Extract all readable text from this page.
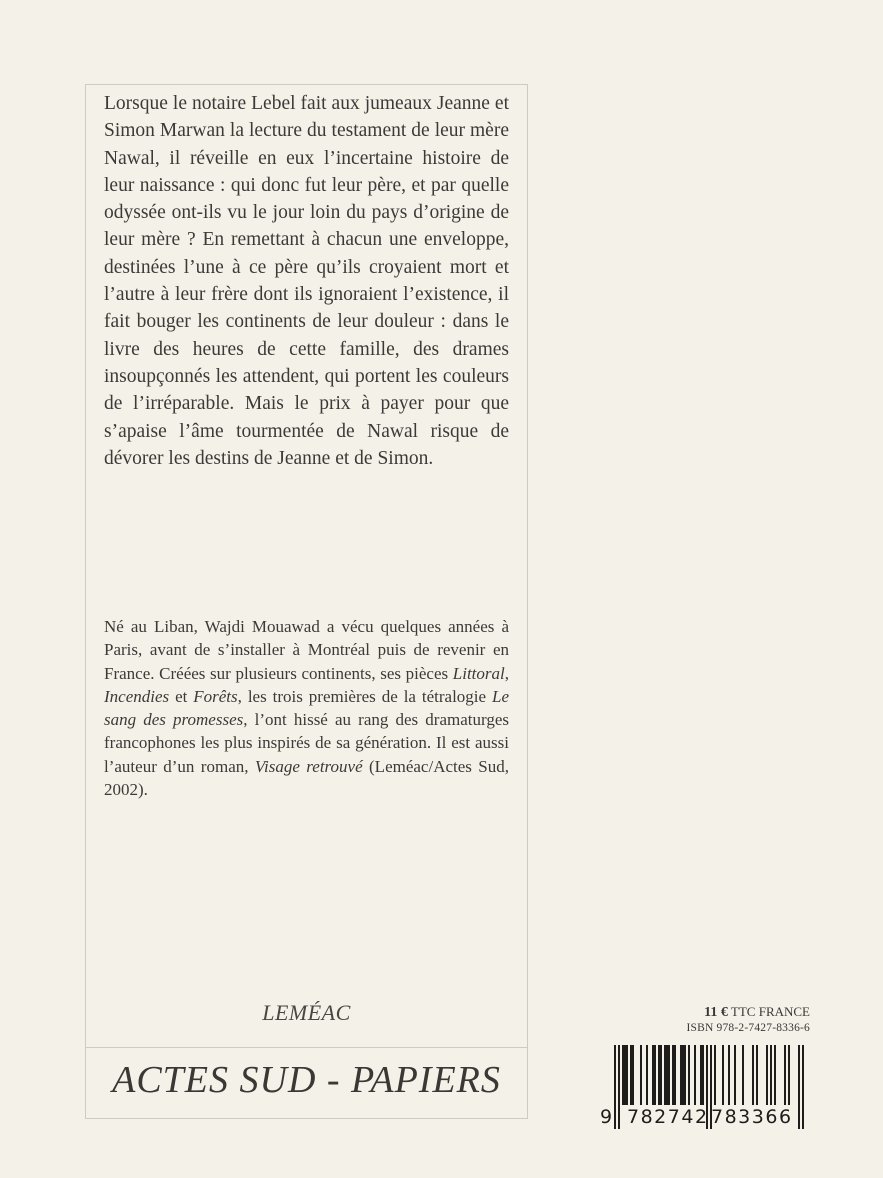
Lorsque le notaire Lebel fait aux jumeaux Jeanne et Simon Marwan la lecture du testament de leur mère Nawal, il réveille en eux l’incertaine histoire de leur naissance : qui donc fut leur père, et par quelle odyssée ont-ils vu le jour loin du pays d’origine de leur mère ? En remettant à chacun une enveloppe, destinées l’une à ce père qu’ils croyaient mort et l’autre à leur frère dont ils ignoraient l’existence, il fait bouger les continents de leur douleur : dans le livre des heures de cette famille, des drames insoupçonnés les attendent, qui portent les couleurs de l’irréparable. Mais le prix à payer pour que s’apaise l’âme tourmentée de Nawal risque de dévorer les destins de Jeanne et de Simon.

Né au Liban, Wajdi Mouawad a vécu quelques années à Paris, avant de s’installer à Montréal puis de revenir en France. Créées sur plusieurs continents, ses pièces Littoral, Incendies et Forêts, les trois premières de la tétralogie Le sang des promesses, l’ont hissé au rang des dramaturges francophones les plus inspirés de sa génération. Il est aussi l’auteur d’un roman, Visage retrouvé (Leméac/Actes Sud, 2002).

LEMÉAC
ACTES SUD - PAPIERS
11 € TTC FRANCE
ISBN 978-2-7427-8336-6
9 782742 783366
